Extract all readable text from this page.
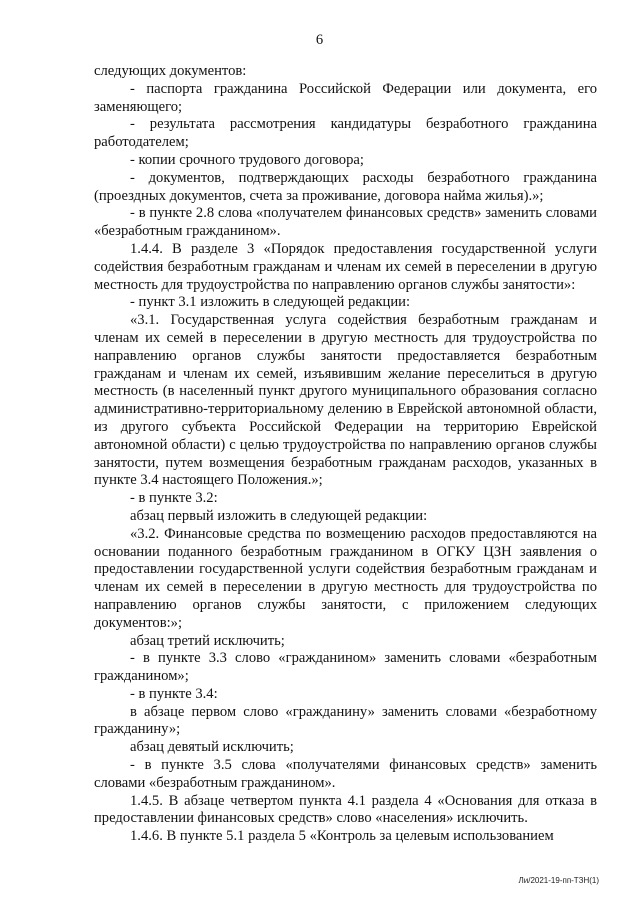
6

следующих документов:

- паспорта гражданина Российской Федерации или документа, его заменяющего;

- результата рассмотрения кандидатуры безработного гражданина работодателем;

- копии срочного трудового договора;

- документов, подтверждающих расходы безработного гражданина (проездных документов, счета за проживание, договора найма жилья).»;

- в пункте 2.8 слова «получателем финансовых средств» заменить словами «безработным гражданином».

1.4.4. В разделе 3 «Порядок предоставления государственной услуги содействия безработным гражданам и членам их семей в переселении в другую местность для трудоустройства по направлению органов службы занятости»:

- пункт 3.1 изложить в следующей редакции:

«3.1. Государственная услуга содействия безработным гражданам и членам их семей в переселении в другую местность для трудоустройства по направлению органов службы занятости предоставляется безработным гражданам и членам их семей, изъявившим желание переселиться в другую местность (в населенный пункт другого муниципального образования согласно административно-территориальному делению в Еврейской автономной области, из другого субъекта Российской Федерации на территорию Еврейской автономной области) с целью трудоустройства по направлению органов службы занятости, путем возмещения безработным гражданам расходов, указанных в пункте 3.4 настоящего Положения.»;

- в пункте 3.2:

абзац первый изложить в следующей редакции:

«3.2. Финансовые средства по возмещению расходов предоставляются на основании поданного безработным гражданином в ОГКУ ЦЗН заявления о предоставлении государственной услуги содействия безработным гражданам и членам их семей в переселении в другую местность для трудоустройства по направлению органов службы занятости, с приложением следующих документов:»;

абзац третий исключить;

- в пункте 3.3 слово «гражданином» заменить словами «безработным гражданином»;

- в пункте 3.4:

в абзаце первом слово «гражданину» заменить словами «безработному гражданину»;

абзац девятый исключить;

- в пункте 3.5 слова «получателями финансовых средств» заменить словами «безработным гражданином».

1.4.5. В абзаце четвертом пункта 4.1 раздела 4 «Основания для отказа в предоставлении финансовых средств» слово «населения» исключить.

1.4.6. В пункте 5.1 раздела 5 «Контроль за целевым использованием

Ли/2021-19-пп-ТЗН(1)
